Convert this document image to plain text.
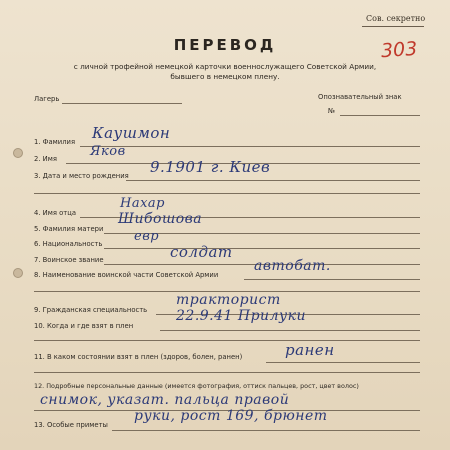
Сов. секретно
303
ПЕРЕВОД
с личной трофейной немецкой карточки военнослужащего Советской Армии,
бывшего в немецком плену.
Лагерь	Опознавательный знак
№
1. Фамилия Каушмон
2. Имя	Яков
3. Дата и место рождения 9.1901 г. Киев
4. Имя отца
Нахар
5. Фамилия матери
Шибошова
6. Национальность евр
7. Воинское звание	солдат
8. Наименование воинской части Советской Армии
автобат.
9. Гражданская специальность
тракторист
10. Когда и где взят в плен
22.9.41 Прилуки
11. В каком состоянии взят в плен (здоров, болен, ранен)	ранен
12. Подробные персональные данные (имеется фотография, оттиск пальцев, рост, цвет волос)
снимок, указат. пальца правой
13. Особые приметы
руки, рост 169, брюнет
